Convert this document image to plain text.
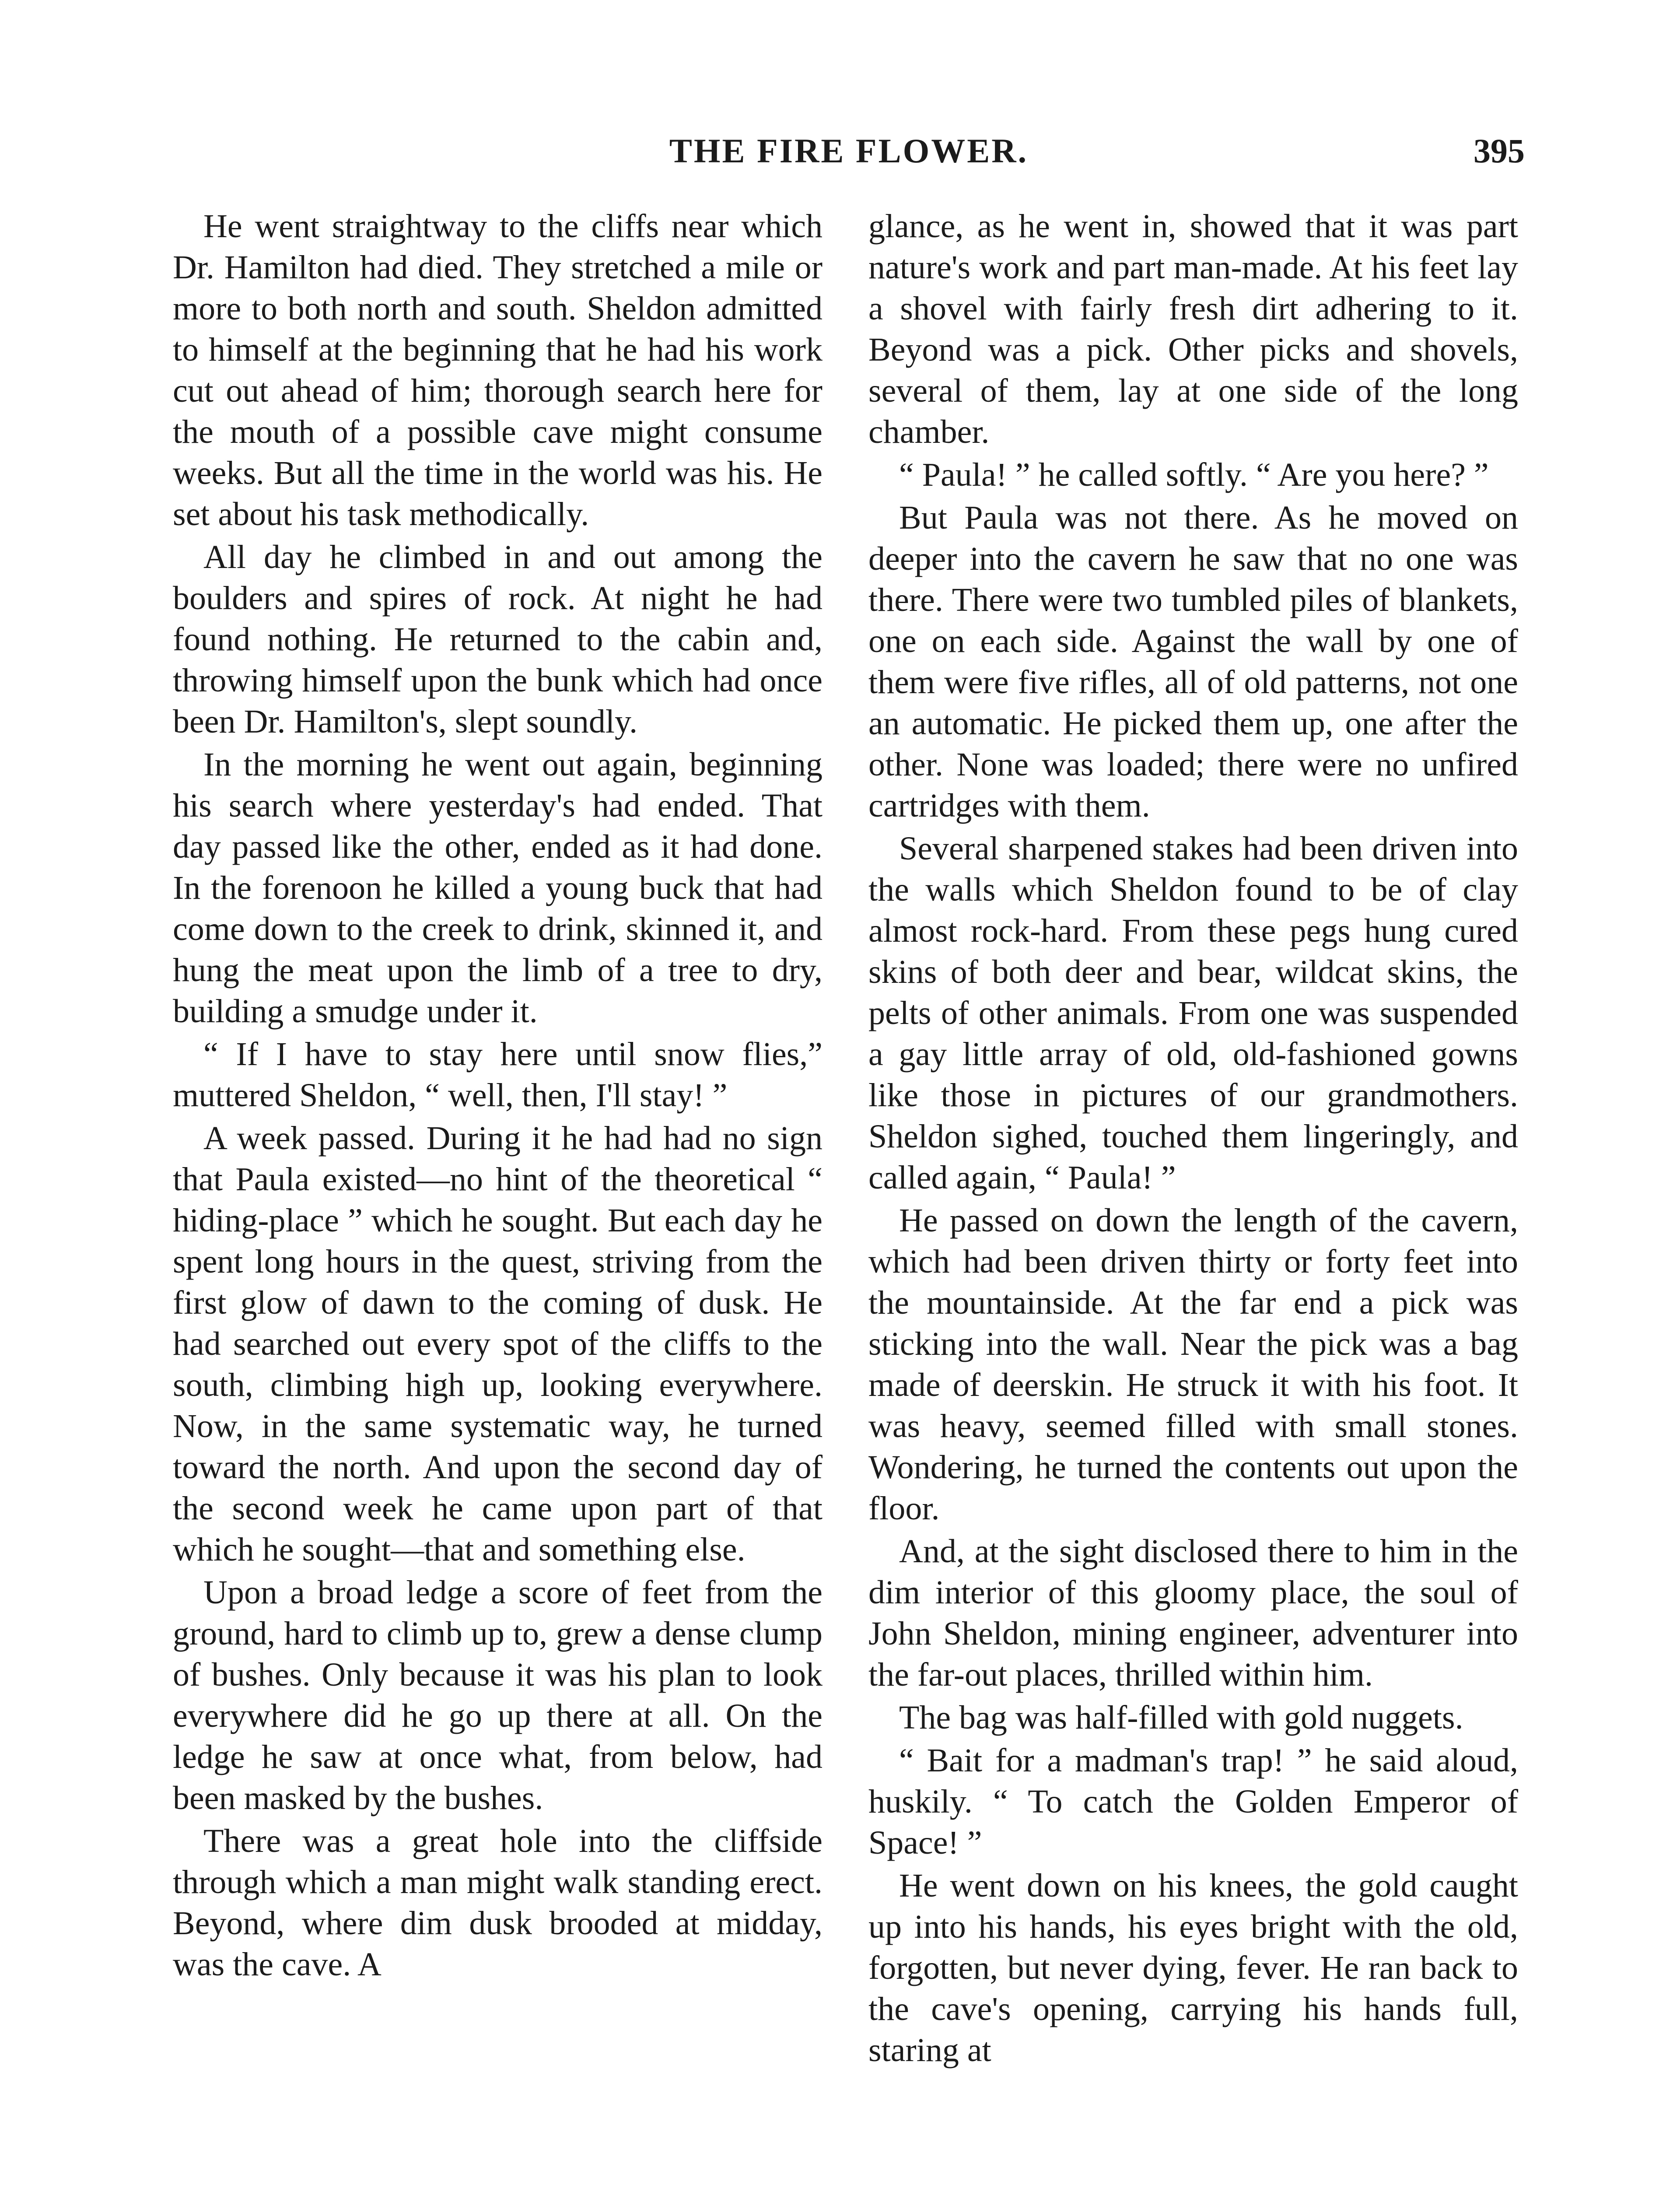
THE FIRE FLOWER.	395

He went straightway to the cliffs near which Dr. Hamilton had died. They stretched a mile or more to both north and south. Sheldon admitted to himself at the beginning that he had his work cut out ahead of him; thorough search here for the mouth of a possible cave might consume weeks. But all the time in the world was his. He set about his task methodically.

All day he climbed in and out among the boulders and spires of rock. At night he had found nothing. He returned to the cabin and, throwing himself upon the bunk which had once been Dr. Hamilton's, slept soundly.

In the morning he went out again, beginning his search where yesterday's had ended. That day passed like the other, ended as it had done. In the forenoon he killed a young buck that had come down to the creek to drink, skinned it, and hung the meat upon the limb of a tree to dry, building a smudge under it.

“ If I have to stay here until snow flies,” muttered Sheldon, “ well, then, I'll stay! ”

A week passed. During it he had had no sign that Paula existed—no hint of the theoretical “ hiding-place ” which he sought. But each day he spent long hours in the quest, striving from the first glow of dawn to the coming of dusk. He had searched out every spot of the cliffs to the south, climbing high up, looking everywhere. Now, in the same systematic way, he turned toward the north. And upon the second day of the second week he came upon part of that which he sought—that and something else.

Upon a broad ledge a score of feet from the ground, hard to climb up to, grew a dense clump of bushes. Only because it was his plan to look everywhere did he go up there at all. On the ledge he saw at once what, from below, had been masked by the bushes.

There was a great hole into the cliffside through which a man might walk standing erect. Beyond, where dim dusk brooded at midday, was the cave. A

glance, as he went in, showed that it was part nature's work and part man-made. At his feet lay a shovel with fairly fresh dirt adhering to it. Beyond was a pick. Other picks and shovels, several of them, lay at one side of the long chamber.

“ Paula! ” he called softly. “ Are you here? ”

But Paula was not there. As he moved on deeper into the cavern he saw that no one was there. There were two tumbled piles of blankets, one on each side. Against the wall by one of them were five rifles, all of old patterns, not one an automatic. He picked them up, one after the other. None was loaded; there were no unfired cartridges with them.

Several sharpened stakes had been driven into the walls which Sheldon found to be of clay almost rock-hard. From these pegs hung cured skins of both deer and bear, wildcat skins, the pelts of other animals. From one was suspended a gay little array of old, old-fashioned gowns like those in pictures of our grandmothers. Sheldon sighed, touched them lingeringly, and called again, “ Paula! ”

He passed on down the length of the cavern, which had been driven thirty or forty feet into the mountainside. At the far end a pick was sticking into the wall. Near the pick was a bag made of deerskin. He struck it with his foot. It was heavy, seemed filled with small stones. Wondering, he turned the contents out upon the floor.

And, at the sight disclosed there to him in the dim interior of this gloomy place, the soul of John Sheldon, mining engineer, adventurer into the far-out places, thrilled within him.

The bag was half-filled with gold nuggets.

“ Bait for a madman's trap! ” he said aloud, huskily. “ To catch the Golden Emperor of Space! ”

He went down on his knees, the gold caught up into his hands, his eyes bright with the old, forgotten, but never dying, fever. He ran back to the cave's opening, carrying his hands full, staring at
